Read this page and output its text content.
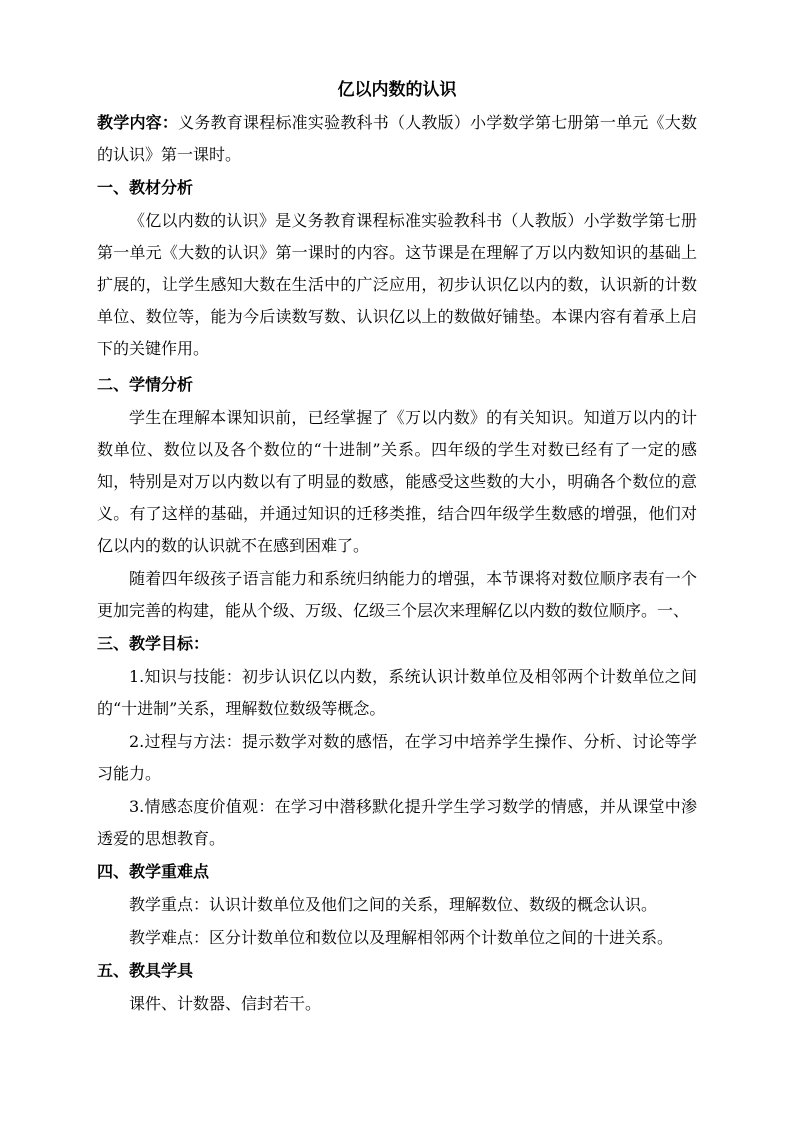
亿以内数的认识
教学内容：义务教育课程标准实验教科书（人教版）小学数学第七册第一单元《大数的认识》第一课时。
一、教材分析
《亿以内数的认识》是义务教育课程标准实验教科书（人教版）小学数学第七册第一单元《大数的认识》第一课时的内容。这节课是在理解了万以内数知识的基础上扩展的，让学生感知大数在生活中的广泛应用，初步认识亿以内的数，认识新的计数单位、数位等，能为今后读数写数、认识亿以上的数做好铺垫。本课内容有着承上启下的关键作用。
二、学情分析
学生在理解本课知识前，已经掌握了《万以内数》的有关知识。知道万以内的计数单位、数位以及各个数位的“十进制”关系。四年级的学生对数已经有了一定的感知，特别是对万以内数以有了明显的数感，能感受这些数的大小，明确各个数位的意义。有了这样的基础，并通过知识的迁移类推，结合四年级学生数感的增强，他们对亿以内的数的认识就不在感到困难了。
随着四年级孩子语言能力和系统归纳能力的增强，本节课将对数位顺序表有一个更加完善的构建，能从个级、万级、亿级三个层次来理解亿以内数的数位顺序。一、
三、教学目标：
1.知识与技能：初步认识亿以内数，系统认识计数单位及相邻两个计数单位之间的“十进制”关系，理解数位数级等概念。
2.过程与方法：提示数学对数的感悟，在学习中培养学生操作、分析、讨论等学习能力。
3.情感态度价值观：在学习中潜移默化提升学生学习数学的情感，并从课堂中渗透爱的思想教育。
四、教学重难点
教学重点：认识计数单位及他们之间的关系，理解数位、数级的概念认识。
教学难点：区分计数单位和数位以及理解相邻两个计数单位之间的十进关系。
五、教具学具
课件、计数器、信封若干。
